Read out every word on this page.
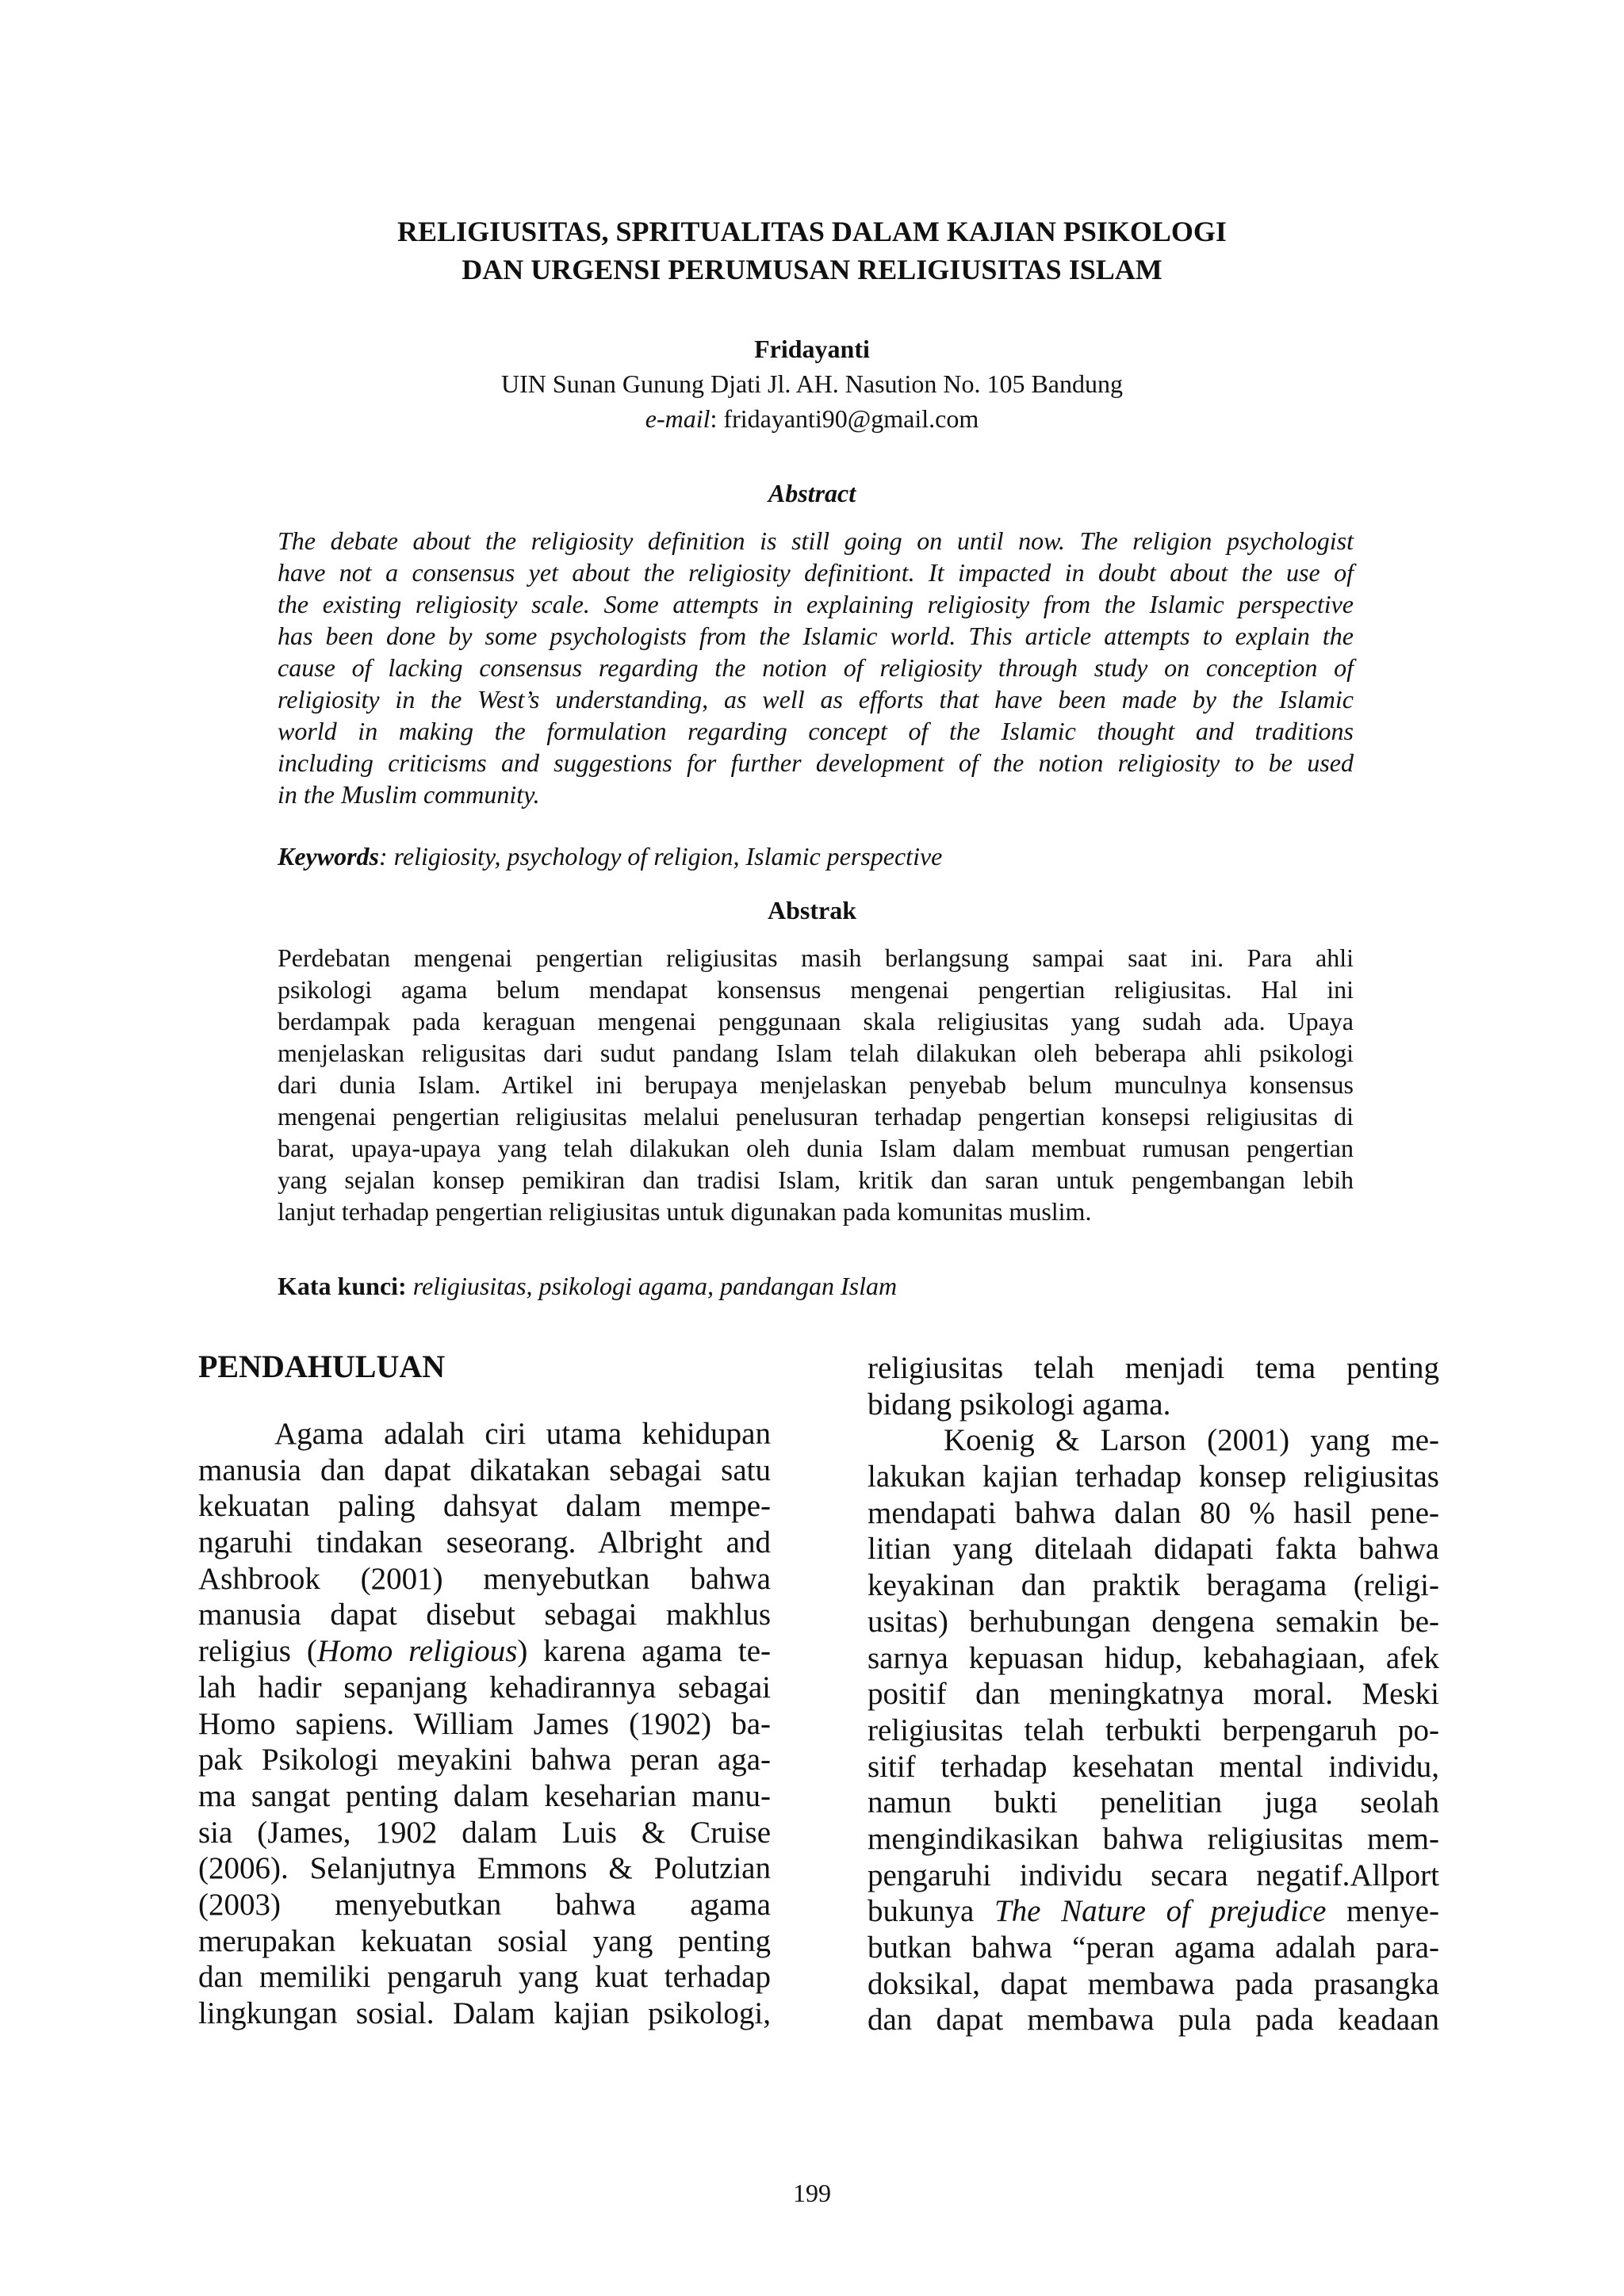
RELIGIUSITAS, SPRITUALITAS DALAM KAJIAN PSIKOLOGI
DAN URGENSI PERUMUSAN RELIGIUSITAS ISLAM
Fridayanti
UIN Sunan Gunung Djati Jl. AH. Nasution No. 105 Bandung
e-mail: fridayanti90@gmail.com
Abstract
The debate about the religiosity definition is still going on until now. The religion psychologist
have not a consensus yet about the religiosity definitiont. It impacted in doubt about the use of
the existing religiosity scale. Some attempts in explaining religiosity from the Islamic perspective
has been done by some psychologists from the Islamic world. This article attempts to explain the
cause of lacking consensus regarding the notion of religiosity through study on conception of
religiosity in the West’s understanding, as well as efforts that have been made by the Islamic
world in making the formulation regarding concept of the Islamic thought and traditions
including criticisms and suggestions for further development of the notion religiosity to be used
in the Muslim community.
Keywords: religiosity, psychology of religion, Islamic perspective
Abstrak
Perdebatan mengenai pengertian religiusitas masih berlangsung sampai saat ini. Para ahli
psikologi agama belum mendapat konsensus mengenai pengertian religiusitas. Hal ini
berdampak pada keraguan mengenai penggunaan skala religiusitas yang sudah ada. Upaya
menjelaskan religusitas dari sudut pandang Islam telah dilakukan oleh beberapa ahli psikologi
dari dunia Islam. Artikel ini berupaya menjelaskan penyebab belum munculnya konsensus
mengenai pengertian religiusitas melalui penelusuran terhadap pengertian konsepsi religiusitas di
barat, upaya-upaya yang telah dilakukan oleh dunia Islam dalam membuat rumusan pengertian
yang sejalan konsep pemikiran dan tradisi Islam, kritik dan saran untuk pengembangan lebih
lanjut terhadap pengertian religiusitas untuk digunakan pada komunitas muslim.
Kata kunci: religiusitas, psikologi agama, pandangan Islam
PENDAHULUAN
Agama adalah ciri utama kehidupan
manusia dan dapat dikatakan sebagai satu
kekuatan paling dahsyat dalam mempe-
ngaruhi tindakan seseorang. Albright and
Ashbrook (2001) menyebutkan bahwa
manusia dapat disebut sebagai makhlus
religius (Homo religious) karena agama te-
lah hadir sepanjang kehadirannya sebagai
Homo sapiens. William James (1902) ba-
pak Psikologi meyakini bahwa peran aga-
ma sangat penting dalam keseharian manu-
sia (James, 1902 dalam Luis & Cruise
(2006). Selanjutnya Emmons & Polutzian
(2003) menyebutkan bahwa agama
merupakan kekuatan sosial yang penting
dan memiliki pengaruh yang kuat terhadap
lingkungan sosial. Dalam kajian psikologi,
religiusitas telah menjadi tema penting
bidang psikologi agama.
Koenig & Larson (2001) yang me-
lakukan kajian terhadap konsep religiusitas
mendapati bahwa dalan 80 % hasil pene-
litian yang ditelaah didapati fakta bahwa
keyakinan dan praktik beragama (religi-
usitas) berhubungan dengena semakin be-
sarnya kepuasan hidup, kebahagiaan, afek
positif dan meningkatnya moral. Meski
religiusitas telah terbukti berpengaruh po-
sitif terhadap kesehatan mental individu,
namun bukti penelitian juga seolah
mengindikasikan bahwa religiusitas mem-
pengaruhi individu secara negatif.Allport
bukunya The Nature of prejudice menye-
butkan bahwa “peran agama adalah para-
doksikal, dapat membawa pada prasangka
dan dapat membawa pula pada keadaan
199
